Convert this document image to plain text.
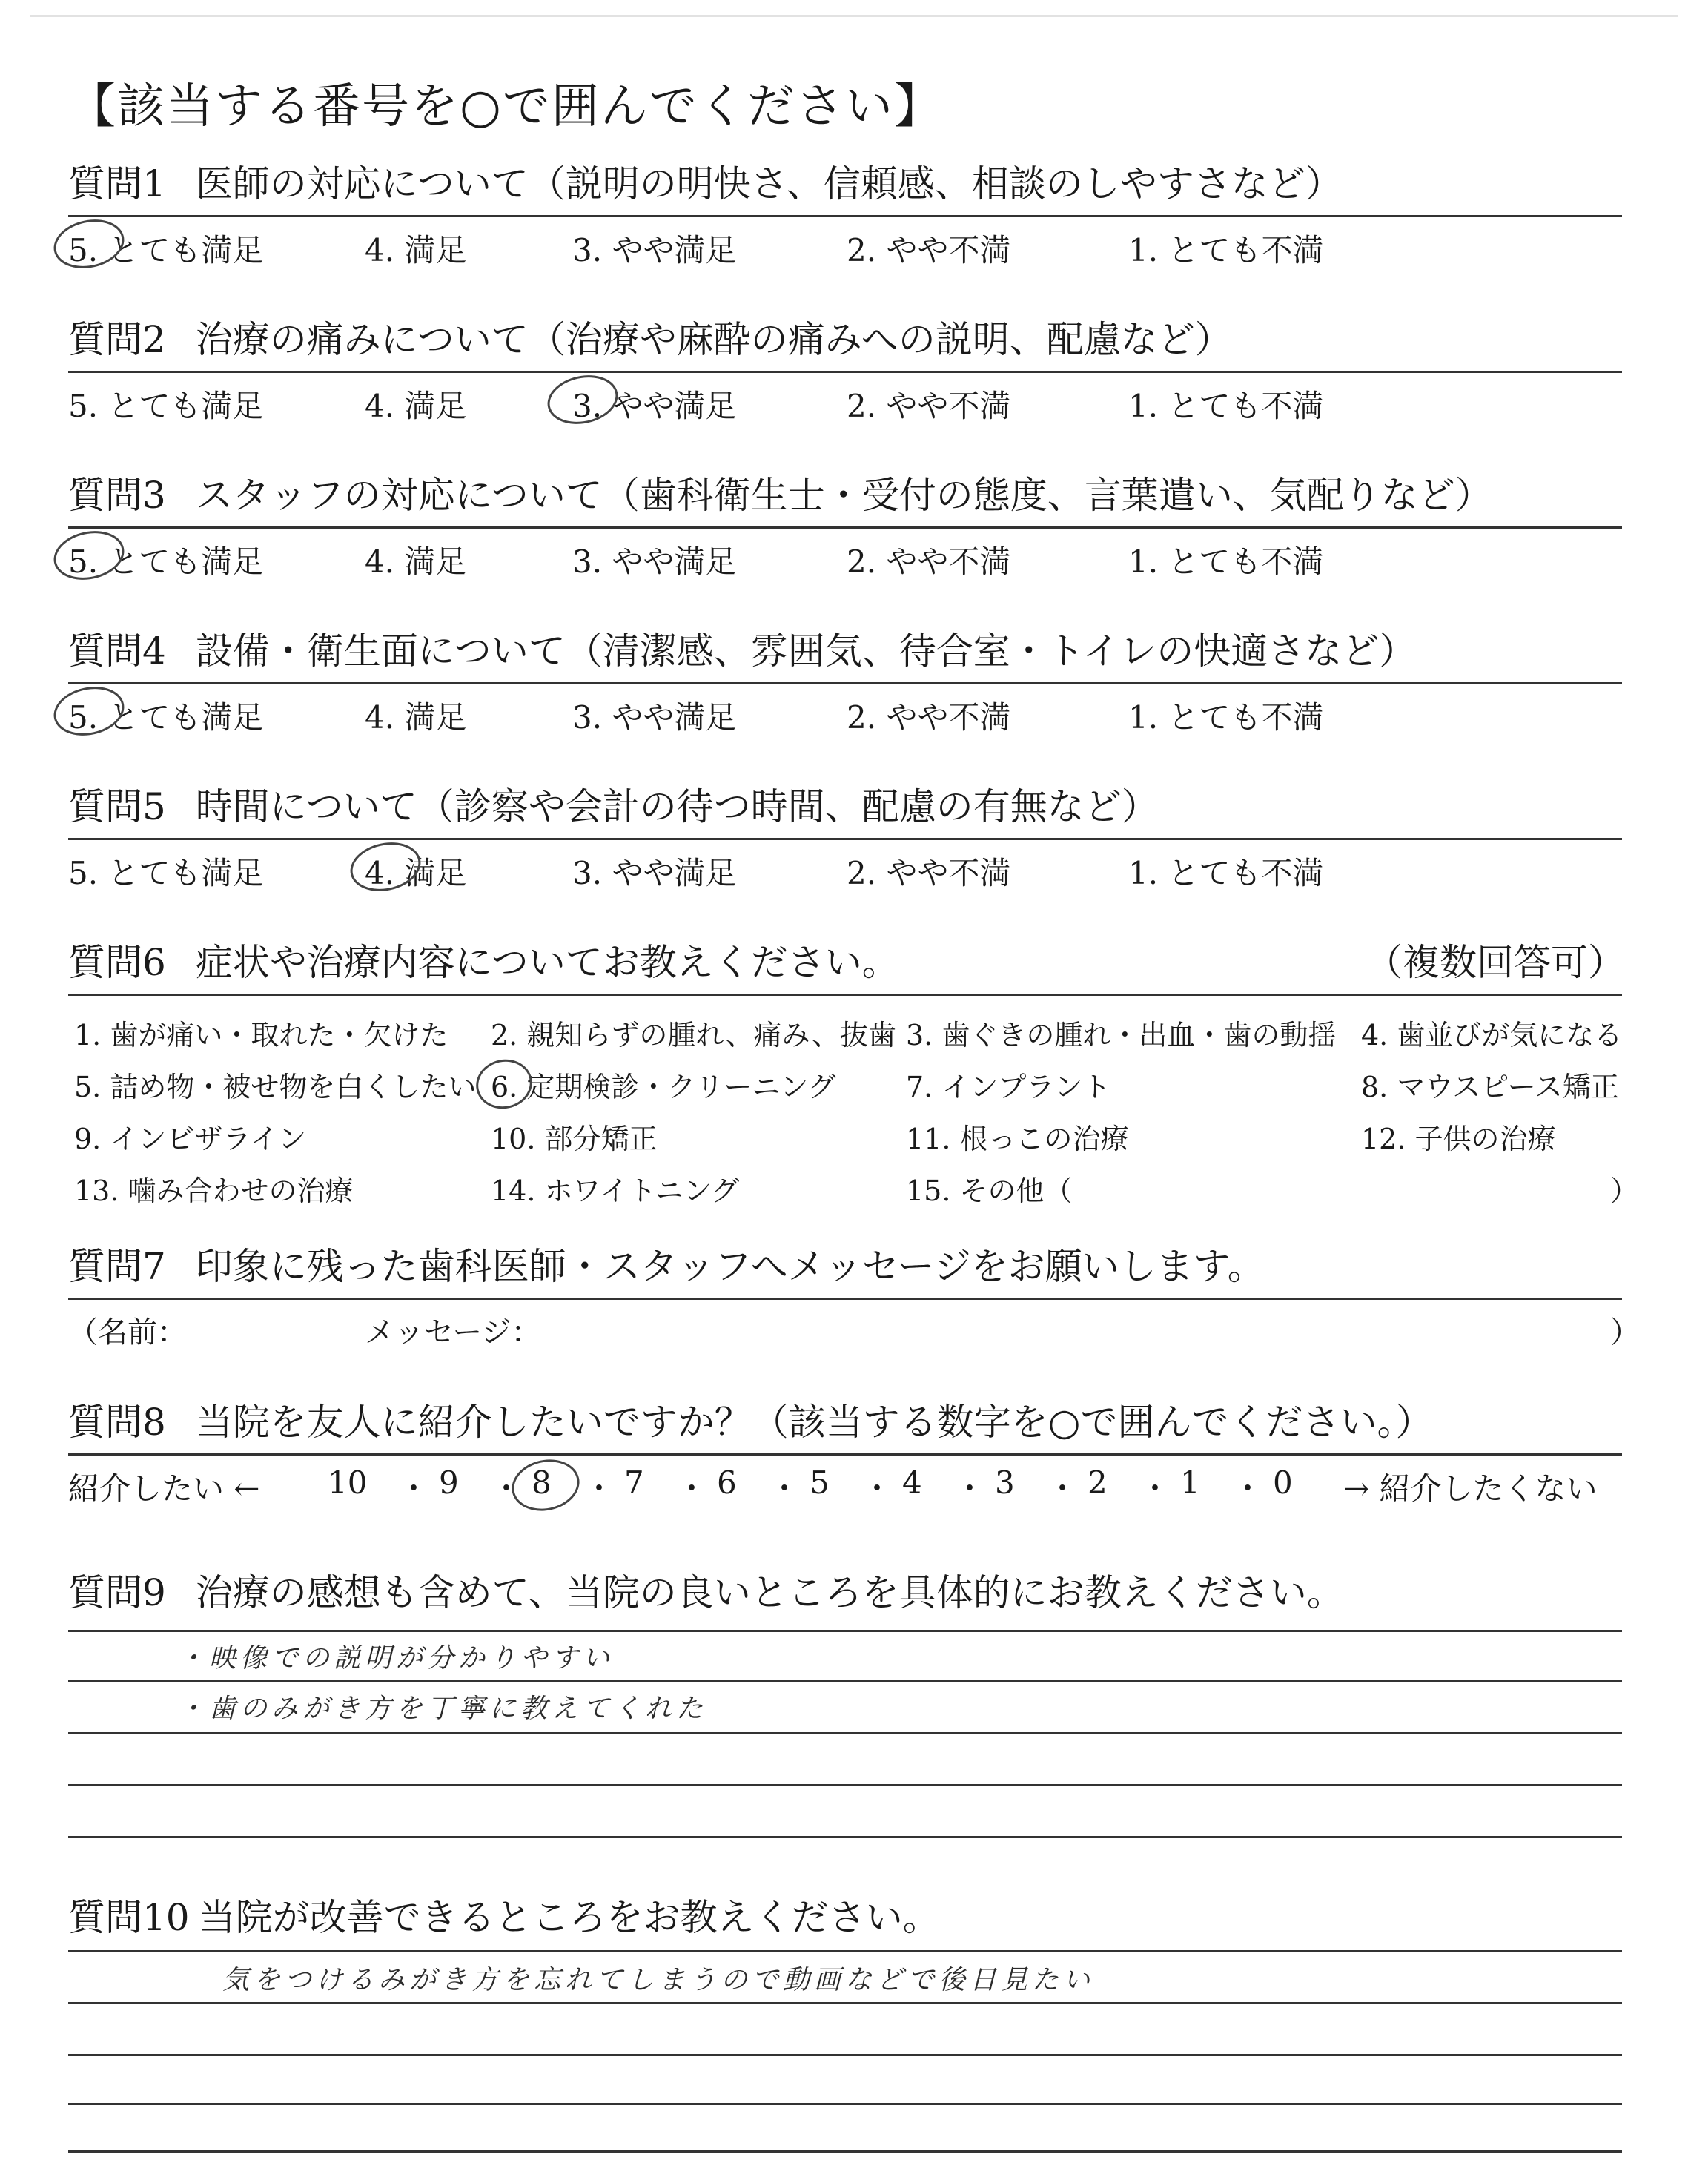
【該当する番号を○で囲んでください】
質問1 医師の対応について（説明の明快さ、信頼感、相談のしやすさなど）
5. とても満足	4. 満足	3. やや満足	2. やや不満	1. とても不満
質問2 治療の痛みについて（治療や麻酔の痛みへの説明、配慮など）
5. とても満足	4. 満足	3. やや満足	2. やや不満	1. とても不満
質問3 スタッフの対応について（歯科衛生士・受付の態度、言葉遣い、気配りなど）
5. とても満足	4. 満足	3. やや満足	2. やや不満	1. とても不満
質問4 設備・衛生面について（清潔感、雰囲気、待合室・トイレの快適さなど）
5. とても満足	4. 満足	3. やや満足	2. やや不満	1. とても不満
質問5 時間について（診察や会計の待つ時間、配慮の有無など）
5. とても満足	4. 満足	3. やや満足	2. やや不満	1. とても不満
質問6 症状や治療内容についてお教えください。	（複数回答可）
1. 歯が痛い・取れた・欠けた 2. 親知らずの腫れ、痛み、抜歯 3. 歯ぐきの腫れ・出血・歯の動揺 4. 歯並びが気になる
5. 詰め物・被せ物を白くしたい 6. 定期検診・クリーニング 7. インプラント	8. マウスピース矯正
9. インビザライン	10. 部分矯正	11. 根っこの治療	12. 子供の治療
13. 噛み合わせの治療	14. ホワイトニング	15. その他（	）
質問7 印象に残った歯科医師・スタッフへメッセージをお願いします。
（名前：	メッセージ：	）
質問8 当院を友人に紹介したいですか？（該当する数字を○で囲んでください。）
紹介したい ← 10 ・ 9 ・ 8 ・ 7 ・ 6 ・ 5 ・ 4 ・ 3 ・ 2 ・ 1 ・ 0 → 紹介したくない
質問9 治療の感想も含めて、当院の良いところを具体的にお教えください。
・映像での説明が分かりやすい
・歯のみがき方を丁寧に教えてくれた
質問10 当院が改善できるところをお教えください。
気をつけるみがき方を忘れてしまうので動画などで後日見たい
